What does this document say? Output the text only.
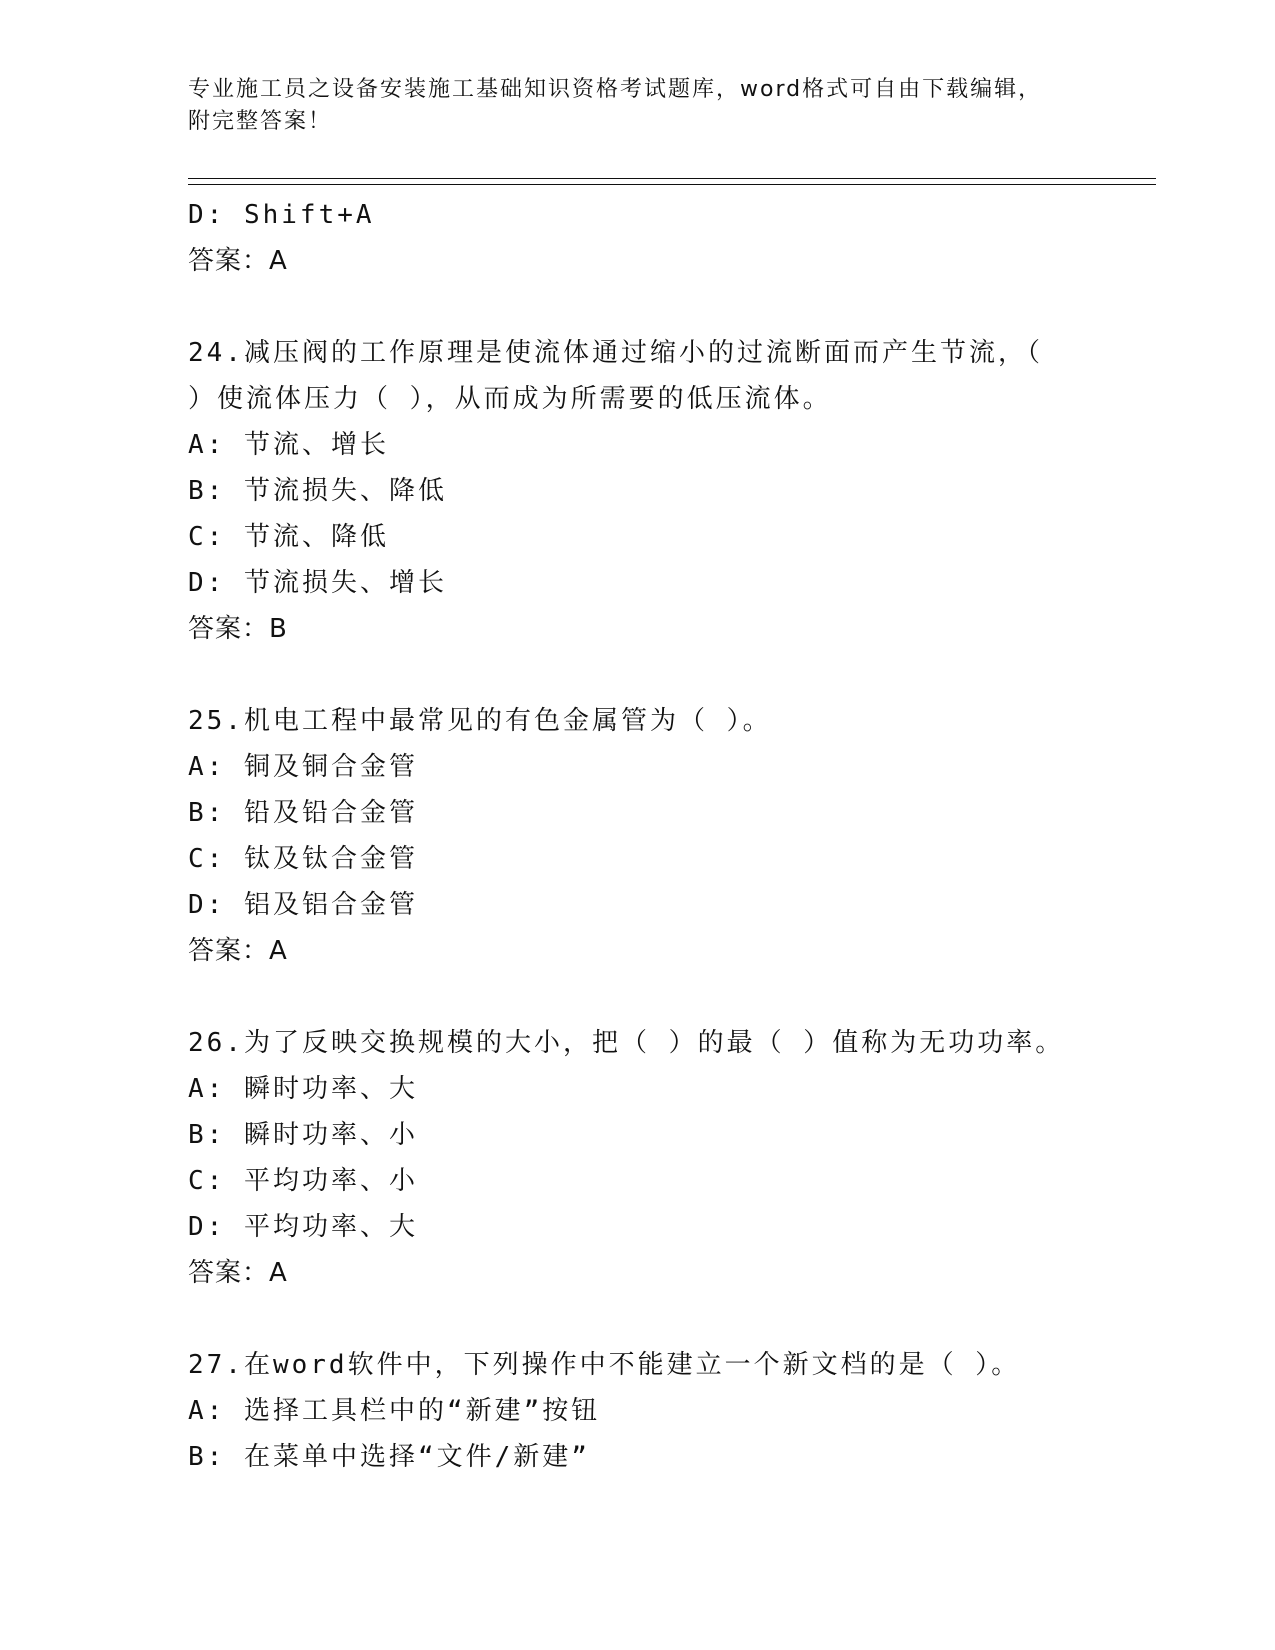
专业施工员之设备安装施工基础知识资格考试题库，word格式可自由下载编辑，
附完整答案！
D: Shift+A
答案：A
24.减压阀的工作原理是使流体通过缩小的过流断面而产生节流，（
）使流体压力（ ），从而成为所需要的低压流体。
A: 节流、增长
B: 节流损失、降低
C: 节流、降低
D: 节流损失、增长
答案：B
25.机电工程中最常见的有色金属管为（ ）。
A: 铜及铜合金管
B: 铅及铅合金管
C: 钛及钛合金管
D: 铝及铝合金管
答案：A
26.为了反映交换规模的大小，把（ ）的最（ ）值称为无功功率。
A: 瞬时功率、大
B: 瞬时功率、小
C: 平均功率、小
D: 平均功率、大
答案：A
27.在word软件中，下列操作中不能建立一个新文档的是（ ）。
A: 选择工具栏中的“新建”按钮
B: 在菜单中选择“文件/新建”
